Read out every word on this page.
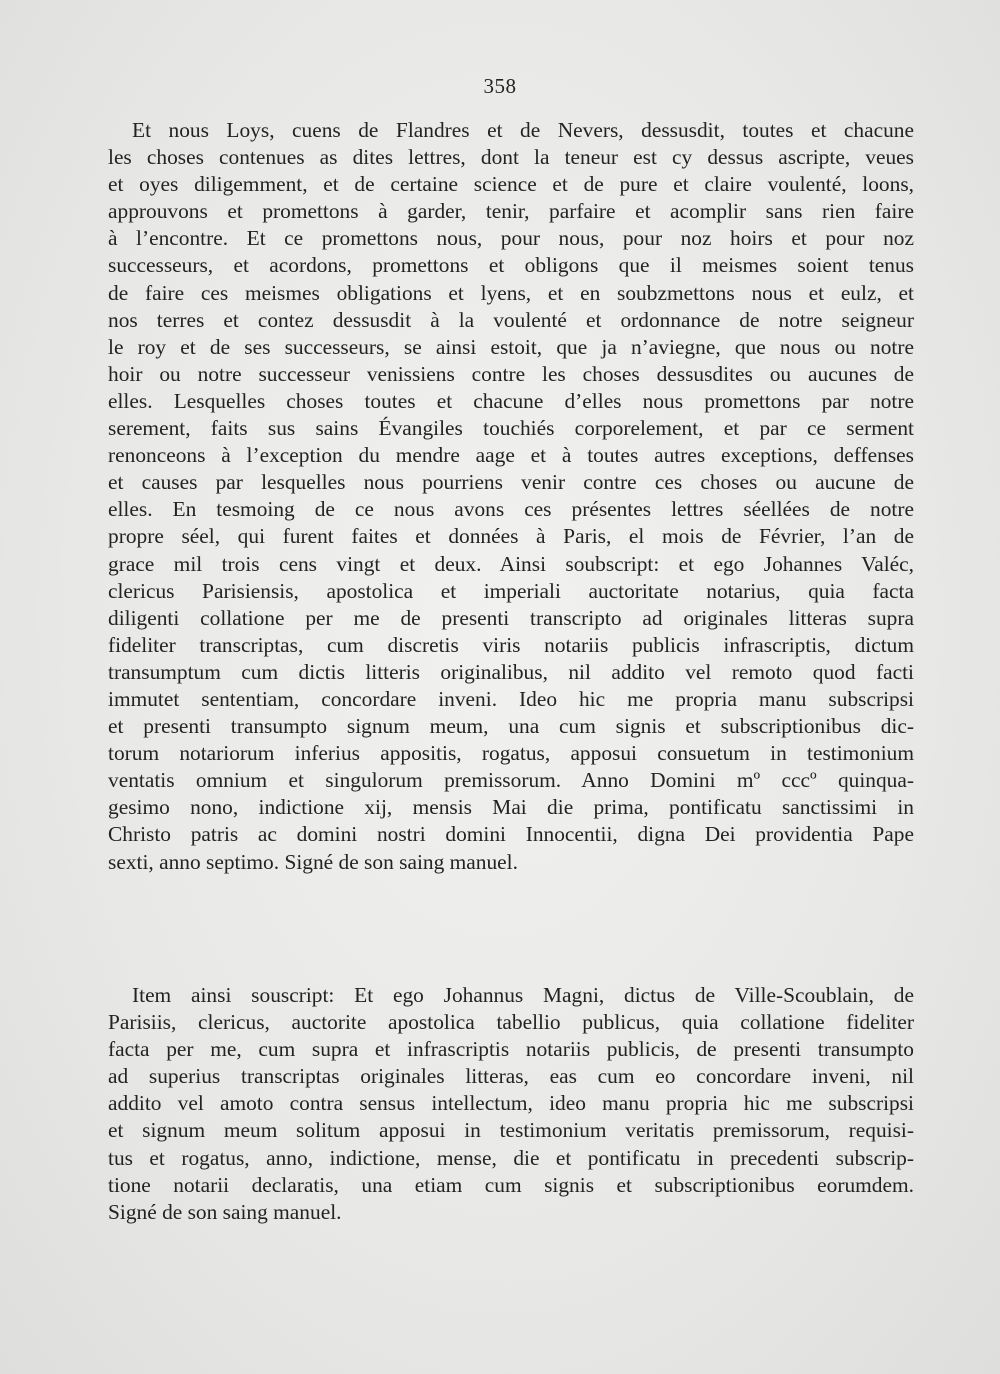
358
Et nous Loys, cuens de Flandres et de Nevers, dessusdit, toutes et chacune
les choses contenues as dites lettres, dont la teneur est cy dessus ascripte, veues
et oyes diligemment, et de certaine science et de pure et claire voulenté, loons,
approuvons et promettons à garder, tenir, parfaire et acomplir sans rien faire
à l’encontre. Et ce promettons nous, pour nous, pour noz hoirs et pour noz
successeurs, et acordons, promettons et obligons que il meismes soient tenus
de faire ces meismes obligations et lyens, et en soubzmettons nous et eulz, et
nos terres et contez dessusdit à la voulenté et ordonnance de notre seigneur
le roy et de ses successeurs, se ainsi estoit, que ja n’aviegne, que nous ou notre
hoir ou notre successeur venissiens contre les choses dessusdites ou aucunes de
elles. Lesquelles choses toutes et chacune d’elles nous promettons par notre
serement, faits sus sains Évangiles touchiés corporelement, et par ce serment
renonceons à l’exception du mendre aage et à toutes autres exceptions, deffenses
et causes par lesquelles nous pourriens venir contre ces choses ou aucune de
elles. En tesmoing de ce nous avons ces présentes lettres séellées de notre
propre séel, qui furent faites et données à Paris, el mois de Février, l’an de
grace mil trois cens vingt et deux. Ainsi soubscript: et ego Johannes Valéc,
clericus Parisiensis, apostolica et imperiali auctoritate notarius, quia facta
diligenti collatione per me de presenti transcripto ad originales litteras supra
fideliter transcriptas, cum discretis viris notariis publicis infrascriptis, dictum
transumptum cum dictis litteris originalibus, nil addito vel remoto quod facti
immutet sententiam, concordare inveni. Ideo hic me propria manu subscripsi
et presenti transumpto signum meum, una cum signis et subscriptionibus dic-
torum notariorum inferius appositis, rogatus, apposui consuetum in testimonium
ventatis omnium et singulorum premissorum. Anno Domini mº cccº quinqua-
gesimo nono, indictione xij, mensis Mai die prima, pontificatu sanctissimi in
Christo patris ac domini nostri domini Innocentii, digna Dei providentia Pape
sexti, anno septimo. Signé de son saing manuel.
Item ainsi souscript: Et ego Johannus Magni, dictus de Ville-Scoublain, de
Parisiis, clericus, auctorite apostolica tabellio publicus, quia collatione fideliter
facta per me, cum supra et infrascriptis notariis publicis, de presenti transumpto
ad superius transcriptas originales litteras, eas cum eo concordare inveni, nil
addito vel amoto contra sensus intellectum, ideo manu propria hic me subscripsi
et signum meum solitum apposui in testimonium veritatis premissorum, requisi-
tus et rogatus, anno, indictione, mense, die et pontificatu in precedenti subscrip-
tione notarii declaratis, una etiam cum signis et subscriptionibus eorumdem.
Signé de son saing manuel.
